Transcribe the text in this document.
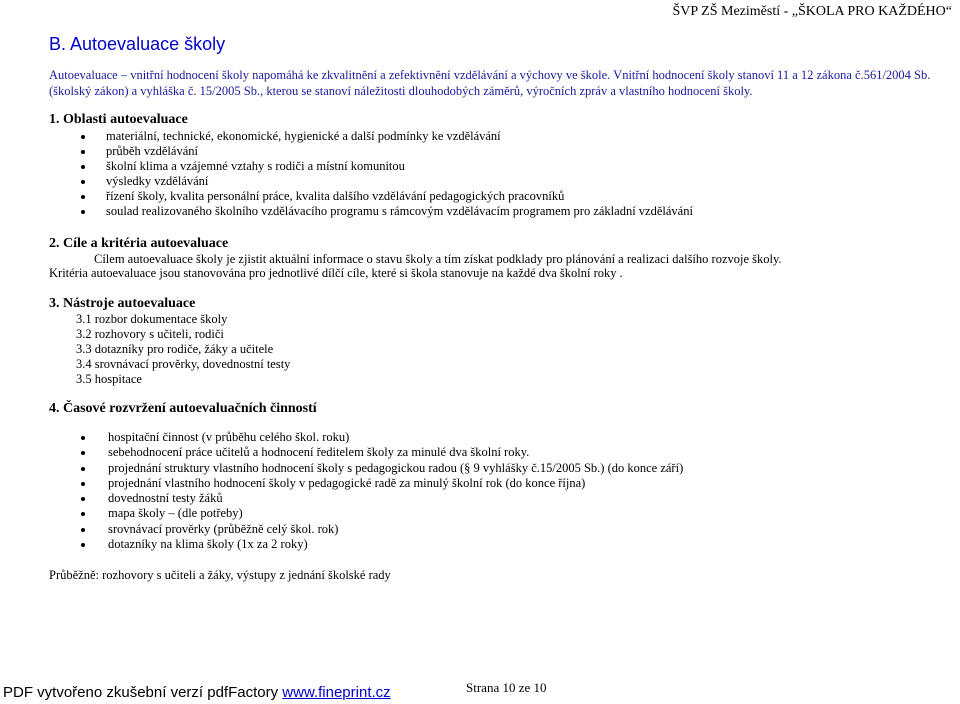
ŠVP ZŠ Meziměstí - „ŠKOLA PRO KAŽDÉHO“
B. Autoevaluace školy
Autoevaluace – vnitřní hodnocení školy napomáhá ke zkvalitnění a zefektivnění vzdělávání a výchovy ve škole. Vnitřní hodnocení školy stanoví 11 a 12 zákona č.561/2004 Sb.
(školský zákon) a vyhláška č. 15/2005 Sb., kterou se stanoví náležitosti dlouhodobých záměrů, výročních zpráv a vlastního hodnocení školy.
1. Oblasti autoevaluace
materiální, technické, ekonomické, hygienické a další podmínky ke vzdělávání
průběh vzdělávání
školní klima a vzájemné vztahy s rodiči a místní komunitou
výsledky vzdělávání
řízení školy, kvalita personální práce, kvalita dalšího vzdělávání pedagogických pracovníků
soulad realizovaného školního vzdělávacího programu s rámcovým vzdělávacím programem pro základní vzdělávání
2. Cíle a kritéria autoevaluace
Cílem autoevaluace školy je zjistit aktuální informace o stavu školy a tím získat podklady pro plánování a realizaci dalšího rozvoje školy.
Kritéria autoevaluace jsou stanovována pro jednotlivé dílčí cíle, které si škola stanovuje na každé dva školní roky .
3. Nástroje autoevaluace
3.1 rozbor dokumentace školy
3.2 rozhovory s učiteli, rodiči
3.3 dotazníky pro rodiče, žáky a učitele
3.4 srovnávací prověrky, dovednostní testy
3.5 hospitace
4. Časové rozvržení autoevaluačních činností
hospitační činnost (v průběhu celého škol. roku)
sebehodnocení práce učitelů a hodnocení ředitelem školy za minulé dva školní roky.
projednání struktury vlastního hodnocení školy s pedagogickou radou (§ 9 vyhlášky č.15/2005 Sb.) (do konce září)
projednání vlastního hodnocení školy v pedagogické radě za minulý školní rok (do konce října)
dovednostní testy žáků
mapa školy – (dle potřeby)
srovnávací prověrky (průběžně celý škol. rok)
dotazníky na klima školy (1x za 2 roky)
Průběžně: rozhovory s učiteli a žáky, výstupy z jednání školské rady
PDF vytvořeno zkušební verzí pdfFactory www.fineprint.cz	Strana 10 ze 10
